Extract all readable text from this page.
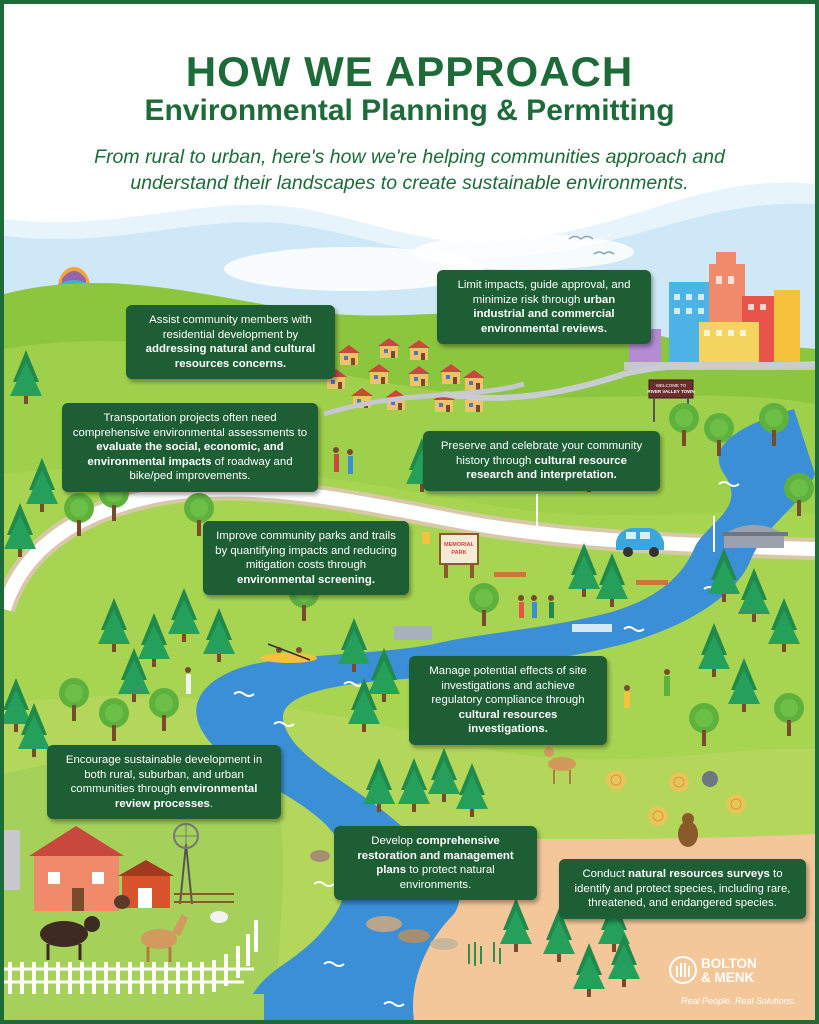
WELCOME TO
RIVER VALLEY TOWN
MEMORIAL
PARK
HOW WE APPROACH
Environmental Planning & Permitting
From rural to urban, here's how we're helping communities approach and understand their landscapes to create sustainable environments.
Assist community members with residential development by addressing natural and cultural resources concerns.
Limit impacts, guide approval, and minimize risk through urban industrial and commercial environmental reviews.
Transportation projects often need comprehensive environmental assessments to evaluate the social, economic, and environmental impacts of roadway and bike/ped improvements.
Preserve and celebrate your community history through cultural resource research and interpretation.
Improve community parks and trails by quantifying impacts and reducing mitigation costs through environmental screening.
Manage potential effects of site investigations and achieve regulatory compliance through cultural resources investigations.
Encourage sustainable development in both rural, suburban, and urban communities through environmental review processes.
Develop comprehensive restoration and management plans to protect natural environments.
Conduct natural resources surveys to identify and protect species, including rare, threatened, and endangered species.
BOLTON
& MENK
Real People. Real Solutions.
